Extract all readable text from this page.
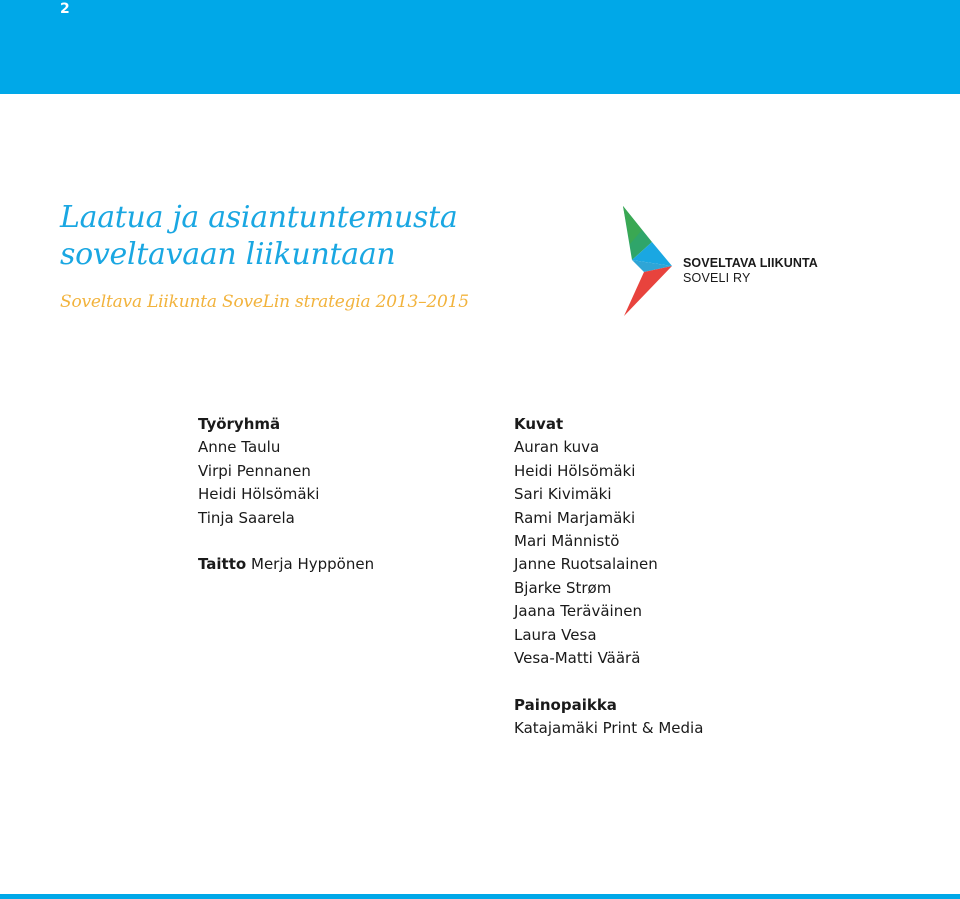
2
Laatua ja asiantuntemusta
soveltavaan liikuntaan

Soveltava Liikunta SoveLin strategia 2013–2015

SOVELTAVA LIIKUNTA
SOVELI RY
Työryhmä
Anne Taulu
Virpi Pennanen
Heidi Hölsömäki
Tinja Saarela
Taitto Merja Hyppönen
Kuvat
Auran kuva
Heidi Hölsömäki
Sari Kivimäki
Rami Marjamäki
Mari Männistö
Janne Ruotsalainen
Bjarke Strøm
Jaana Teräväinen
Laura Vesa
Vesa-Matti Väärä
Painopaikka
Katajamäki Print & Media
